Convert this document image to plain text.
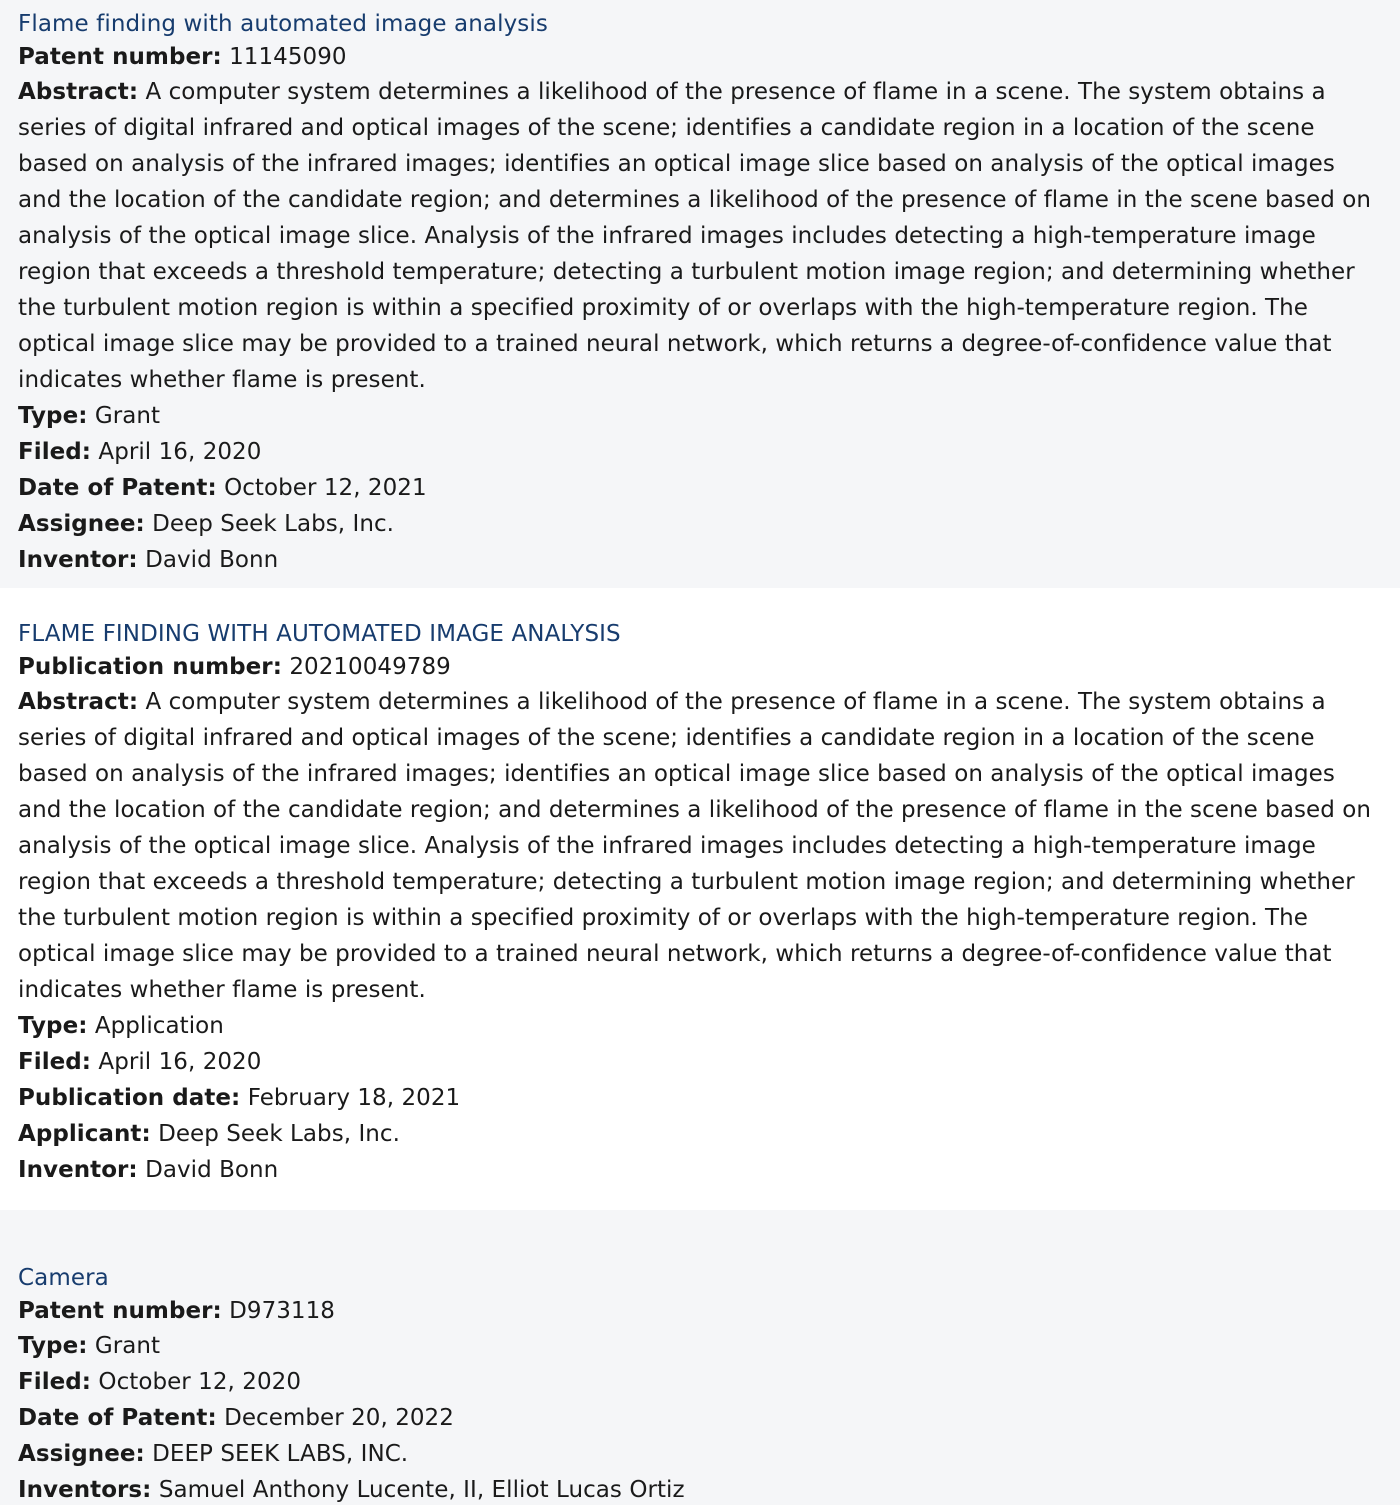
Flame finding with automated image analysis

Patent number: 11145090

Abstract: A computer system determines a likelihood of the presence of flame in a scene. The system obtains a series of digital infrared and optical images of the scene; identifies a candidate region in a location of the scene based on analysis of the infrared images; identifies an optical image slice based on analysis of the optical images and the location of the candidate region; and determines a likelihood of the presence of flame in the scene based on analysis of the optical image slice. Analysis of the infrared images includes detecting a high-temperature image region that exceeds a threshold temperature; detecting a turbulent motion image region; and determining whether the turbulent motion region is within a specified proximity of or overlaps with the high-temperature region. The optical image slice may be provided to a trained neural network, which returns a degree-of-confidence value that indicates whether flame is present.

Type: Grant

Filed: April 16, 2020

Date of Patent: October 12, 2021

Assignee: Deep Seek Labs, Inc.

Inventor: David Bonn

FLAME FINDING WITH AUTOMATED IMAGE ANALYSIS

Publication number: 20210049789

Abstract: A computer system determines a likelihood of the presence of flame in a scene. The system obtains a series of digital infrared and optical images of the scene; identifies a candidate region in a location of the scene based on analysis of the infrared images; identifies an optical image slice based on analysis of the optical images and the location of the candidate region; and determines a likelihood of the presence of flame in the scene based on analysis of the optical image slice. Analysis of the infrared images includes detecting a high-temperature image region that exceeds a threshold temperature; detecting a turbulent motion image region; and determining whether the turbulent motion region is within a specified proximity of or overlaps with the high-temperature region. The optical image slice may be provided to a trained neural network, which returns a degree-of-confidence value that indicates whether flame is present.

Type: Application

Filed: April 16, 2020

Publication date: February 18, 2021

Applicant: Deep Seek Labs, Inc.

Inventor: David Bonn

Camera

Patent number: D973118

Type: Grant

Filed: October 12, 2020

Date of Patent: December 20, 2022

Assignee: DEEP SEEK LABS, INC.

Inventors: Samuel Anthony Lucente, II, Elliot Lucas Ortiz
